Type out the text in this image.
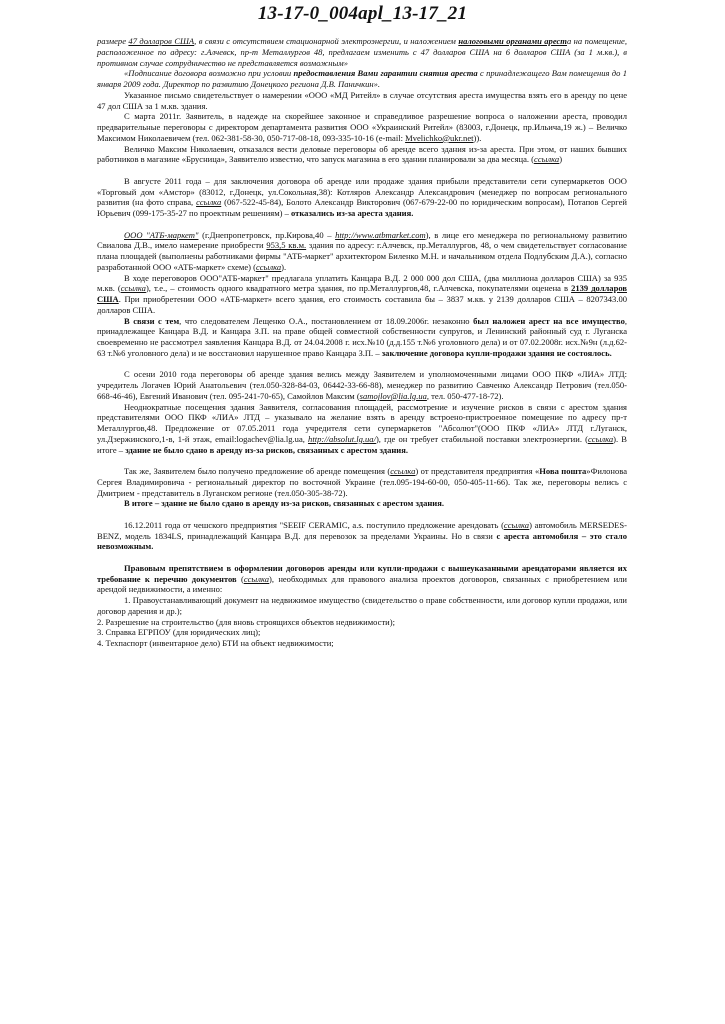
13-17-0_004apl_13-17_21

размере 47 долларов США, в связи с отсутствием стационарной электроэнергии, и наложением налоговыми органами ареста на помещение, расположенное по адресу: г.Алчевск, пр-т Металлургов 48, предлагаем изменить с 47 долларов США на 6 долларов США (за 1 м.кв.), в противном случае сотрудничество не представляется возможным»

«Подписание договора возможно при условии предоставления Вами гарантии снятия ареста с принадлежащего Вам помещения до 1 января 2009 года. Директор по развитию Донецкого региона Д.В. Паничкин».

Указанное письмо свидетельствует о намерении «ООО «МД Ритейл» в случае отсутствия ареста имущества взять его в аренду по цене 47 дол США за 1 м.кв. здания.

С марта 2011г. Заявитель, в надежде на скорейшее законное и справедливое разрешение вопроса о наложении ареста, проводил предварительные переговоры с директором департамента развития ООО «Украинский Ритейл» (83003, г.Донецк, пр.Ильича,19 ж.) – Величко Максимом Николаевичем (тел. 062-381-58-30, 050-717-08-18, 093-335-10-16 (e-mail: Mvelichko@ukr.net)).

Величко Максим Николаевич, отказался вести деловые переговоры об аренде всего здания из-за ареста. При этом, от наших бывших работников в магазине «Брусница», Заявителю известно, что запуск магазина в его здании планировали за два месяца. (ссылка)

В августе 2011 года – для заключения договора об аренде или продаже здания прибыли представители сети супермаркетов ООО «Торговый дом «Амстор» (83012, г.Донецк, ул.Сокольная,38): Котляров Александр Александрович (менеджер по вопросам регионального развития (на фото справа, ссылка (067-522-45-84), Болото Александр Викторович (067-679-22-00 по юридическим вопросам), Потапов Сергей Юрьевич (099-175-35-27 по проектным решениям) – отказались из-за ареста здания.

ООО "АТБ-маркет" (г.Днепропетровск, пр.Кирова,40 – http://www.atbmarket.com), в лице его менеджера по региональному развитию Свиалова Д.В., имело намерение приобрести 953,5 кв.м. здания по адресу: г.Алчевск, пр.Металлургов, 48, о чем свидетельствует согласование плана площадей (выполнены работниками фирмы "АТБ-маркет" архитектором Биленко М.Н. и начальником отдела Подлубским Д.А.), согласно разработанной ООО «АТБ-маркет» схеме) (ссылка).

В ходе переговоров ООО"АТБ-маркет" предлагала уплатить Канцара В.Д. 2 000 000 дол США, (два миллиона долларов США) за 935 м.кв. (ссылка), т.е., – стоимость одного квадратного метра здания, по пр.Металлургов,48, г.Алчевска, покупателями оценена в 2139 долларов США. При приобретении ООО «АТБ-маркет» всего здания, его стоимость составила бы – 3837 м.кв. у 2139 долларов США – 8207343.00 долларов США.

В связи с тем, что следователем Лещенко О.А., постановлением от 18.09.2006г. незаконно был наложен арест на все имущество, принадлежащее Канцара В.Д. и Канцара З.П. на праве общей совместной собственности супругов, и Ленинский районный суд г. Луганска своевременно не рассмотрел заявления Канцара В.Д. от 24.04.2008 г. исх.№10 (д.д.155 т.№6 уголовного дела) и от 07.02.2008г. исх.№9н (л.д.62-63 т.№6 уголовного дела) и не восстановил нарушенное право Канцара З.П. – заключение договора купли-продажи здания не состоялось.

С осени 2010 года переговоры об аренде здания велись между Заявителем и уполномоченными лицами ООО ПКФ «ЛИА» ЛТД: учредитель Логачев Юрий Анатольевич (тел.050-328-84-03, 06442-33-66-88), менеджер по развитию Савченко Александр Петрович (тел.050-668-46-46), Евгений Иванович (тел. 095-241-70-65), Самойлов Максим (samojlov@lia.lg.ua, тел. 050-477-18-72).

Неоднократные посещения здания Заявителя, согласования площадей, рассмотрение и изучение рисков в связи с арестом здания представителями ООО ПКФ «ЛИА» ЛТД – указывало на желание взять в аренду встроено-пристроенное помещение по адресу пр-т Металлургов,48. Предложение от 07.05.2011 года учредителя сети супермаркетов "Абсолют"(ООО ПКФ «ЛИА» ЛТД г.Луганск, ул.Дзержинского,1-в, 1-й этаж, email:logachev@lia.lg.ua, http://absolut.lg.ua/), где он требует стабильной поставки электроэнергии. (ссылка). В итоге – здание не было сдано в аренду из-за рисков, связанных с арестом здания.

Так же, Заявителем было получено предложение об аренде помещения (ссылка) от представителя предприятия «Нова пошта»Филонова Сергея Владимировича - региональный директор по восточной Украине (тел.095-194-60-00, 050-405-11-66). Так же, переговоры велись с Дмитрием - представитель в Луганском регионе (тел.050-305-38-72).

В итоге – здание не было сдано в аренду из-за рисков, связанных с арестом здания.

16.12.2011 года от чешского предприятия "SEEIF CERAMIC, a.s. поступило предложение арендовать (ссылка) автомобиль MERSEDES-BENZ, модель 1834LS, принадлежащий Канцара В.Д. для перевозок за пределами Украины. Но в связи с ареста автомобиля – это стало невозможным.

Правовым препятствием в оформлении договоров аренды или купли-продажи с вышеуказанными арендаторами является их требование к перечню документов (ссылка), необходимых для правового анализа проектов договоров, связанных с приобретением или арендой недвижимости, а именно:

1. Правоустанавливающий документ на недвижимое имущество (свидетельство о праве собственности, или договор купли продажи, или договор дарения и др.);

2. Разрешение на строительство (для вновь строящихся объектов недвижимости);

3. Справка ЕГРПОУ (для юридических лиц);

4. Техпаспорт (инвентарное дело) БТИ на объект недвижимости;
